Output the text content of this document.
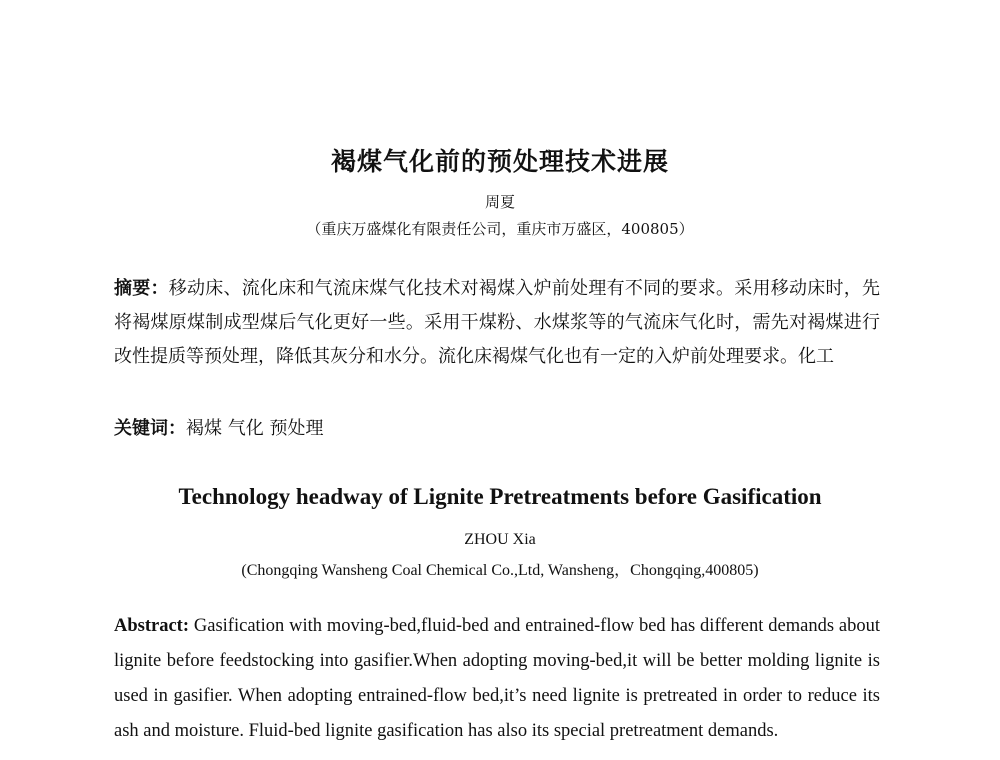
褐煤气化前的预处理技术进展
周夏
（重庆万盛煤化有限责任公司，重庆市万盛区，400805）

摘要：移动床、流化床和气流床煤气化技术对褐煤入炉前处理有不同的要求。采用移动床时，先将褐煤原煤制成型煤后气化更好一些。采用干煤粉、水煤浆等的气流床气化时，需先对褐煤进行改性提质等预处理，降低其灰分和水分。流化床褐煤气化也有一定的入炉前处理要求。化工

关键词：褐煤 气化 预处理

Technology headway of Lignite Pretreatments before Gasification
ZHOU Xia
(Chongqing Wansheng Coal Chemical Co.,Ltd, Wansheng，Chongqing,400805)

Abstract: Gasification with moving-bed,fluid-bed and entrained-flow bed has different demands about lignite before feedstocking into gasifier.When adopting moving-bed,it will be better molding lignite is used in gasifier. When adopting entrained-flow bed,it’s need lignite is pretreated in order to reduce its ash and moisture. Fluid-bed lignite gasification has also its special pretreatment demands.
